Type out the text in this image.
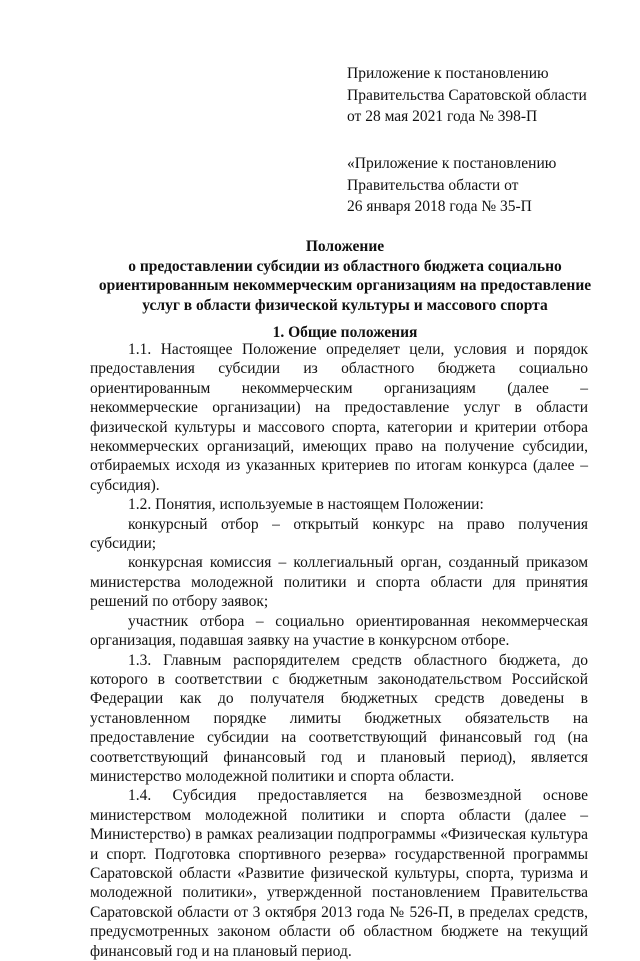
Приложение к постановлению
Правительства Саратовской области
от 28 мая 2021 года № 398-П
«Приложение к постановлению
Правительства области от
26 января 2018 года № 35-П
Положение
о предоставлении субсидии из областного бюджета социально
ориентированным некоммерческим организациям на предоставление
услуг в области физической культуры и массового спорта
1. Общие положения

1.1. Настоящее Положение определяет цели, условия и порядок предоставления субсидии из областного бюджета социально ориентированным некоммерческим организациям (далее – некоммерческие организации) на предоставление услуг в области физической культуры и массового спорта, категории и критерии отбора некоммерческих организаций, имеющих право на получение субсидии, отбираемых исходя из указанных критериев по итогам конкурса (далее – субсидия).

1.2. Понятия, используемые в настоящем Положении:

конкурсный отбор – открытый конкурс на право получения субсидии;

конкурсная комиссия – коллегиальный орган, созданный приказом министерства молодежной политики и спорта области для принятия решений по отбору заявок;

участник отбора – социально ориентированная некоммерческая организация, подавшая заявку на участие в конкурсном отборе.

1.3. Главным распорядителем средств областного бюджета, до которого в соответствии с бюджетным законодательством Российской Федерации как до получателя бюджетных средств доведены в установленном порядке лимиты бюджетных обязательств на предоставление субсидии на соответствующий финансовый год (на соответствующий финансовый год и плановый период), является министерство молодежной политики и спорта области.

1.4. Субсидия предоставляется на безвозмездной основе министерством молодежной политики и спорта области (далее – Министерство) в рамках реализации подпрограммы «Физическая культура и спорт. Подготовка спортивного резерва» государственной программы Саратовской области «Развитие физической культуры, спорта, туризма и молодежной политики», утвержденной постановлением Правительства Саратовской области от 3 октября 2013 года № 526-П, в пределах средств, предусмотренных законом области об областном бюджете на текущий финансовый год и на плановый период.
